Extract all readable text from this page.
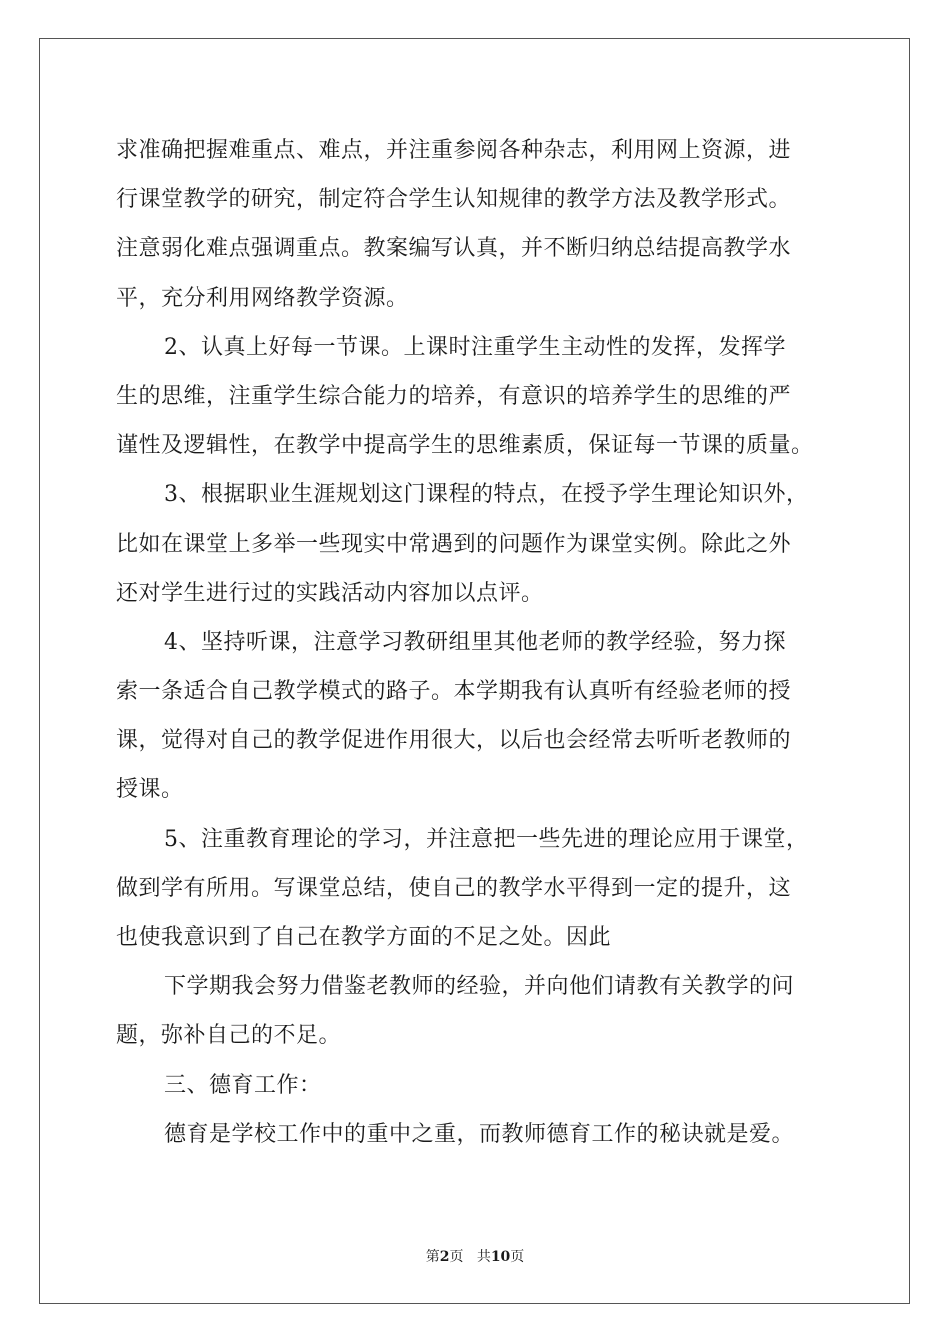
求准确把握难重点、难点，并注重参阅各种杂志，利用网上资源，进
行课堂教学的研究，制定符合学生认知规律的教学方法及教学形式。
注意弱化难点强调重点。教案编写认真，并不断归纳总结提高教学水
平，充分利用网络教学资源。
2、认真上好每一节课。上课时注重学生主动性的发挥，发挥学
生的思维，注重学生综合能力的培养，有意识的培养学生的思维的严
谨性及逻辑性，在教学中提高学生的思维素质，保证每一节课的质量。
3、根据职业生涯规划这门课程的特点，在授予学生理论知识外，
比如在课堂上多举一些现实中常遇到的问题作为课堂实例。除此之外
还对学生进行过的实践活动内容加以点评。
4、坚持听课，注意学习教研组里其他老师的教学经验，努力探
索一条适合自己教学模式的路子。本学期我有认真听有经验老师的授
课，觉得对自己的教学促进作用很大，以后也会经常去听听老教师的
授课。
5、注重教育理论的学习，并注意把一些先进的理论应用于课堂，
做到学有所用。写课堂总结，使自己的教学水平得到一定的提升，这
也使我意识到了自己在教学方面的不足之处。因此
下学期我会努力借鉴老教师的经验，并向他们请教有关教学的问
题，弥补自己的不足。
三、德育工作：
德育是学校工作中的重中之重，而教师德育工作的秘诀就是爱。
第2页 共10页
